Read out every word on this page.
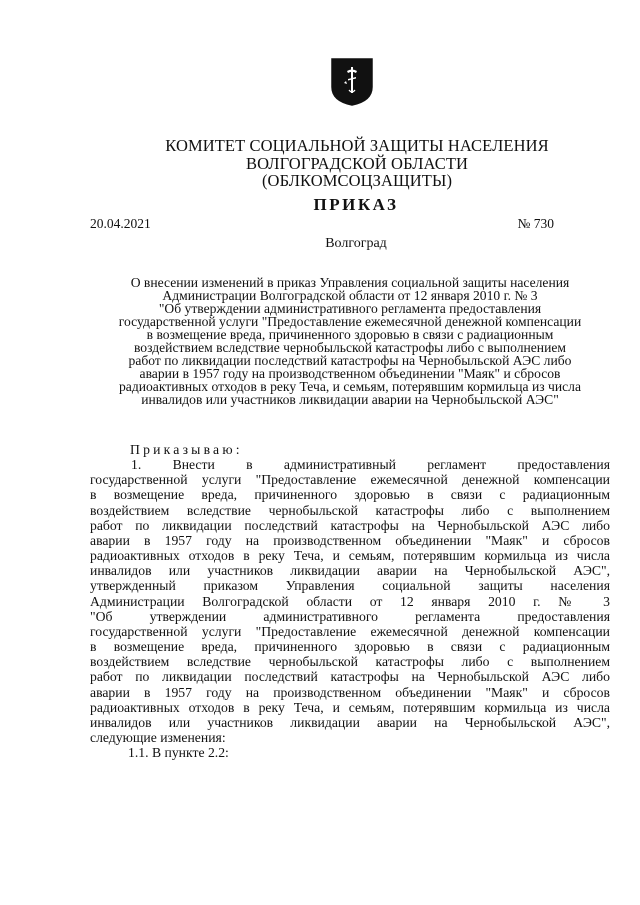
КОМИТЕТ СОЦИАЛЬНОЙ ЗАЩИТЫ НАСЕЛЕНИЯ
ВОЛГОГРАДСКОЙ ОБЛАСТИ
(ОБЛКОМСОЦЗАЩИТЫ)
ПРИКАЗ
20.04.2021	№ 730
Волгоград
О внесении изменений в приказ Управления социальной защиты населения
Администрации Волгоградской области от 12 января 2010 г. № 3
"Об утверждении административного регламента предоставления
государственной услуги "Предоставление ежемесячной денежной компенсации
в возмещение вреда, причиненного здоровью в связи с радиационным
воздействием вследствие чернобыльской катастрофы либо с выполнением
работ по ликвидации последствий катастрофы на Чернобыльской АЭС либо
аварии в 1957 году на производственном объединении "Маяк" и сбросов
радиоактивных отходов в реку Теча, и семьям, потерявшим кормильца из числа
инвалидов или участников ликвидации аварии на Чернобыльской АЭС"
Приказываю:
1. Внести в административный регламент предоставления
государственной услуги "Предоставление ежемесячной денежной компенсации
в возмещение вреда, причиненного здоровью в связи с радиационным
воздействием вследствие чернобыльской катастрофы либо с выполнением
работ по ликвидации последствий катастрофы на Чернобыльской АЭС либо
аварии в 1957 году на производственном объединении "Маяк" и сбросов
радиоактивных отходов в реку Теча, и семьям, потерявшим кормильца из числа
инвалидов или участников ликвидации аварии на Чернобыльской АЭС",
утвержденный приказом Управления социальной защиты населения
Администрации Волгоградской области от 12 января 2010 г. № 3
"Об утверждении административного регламента предоставления
государственной услуги "Предоставление ежемесячной денежной компенсации
в возмещение вреда, причиненного здоровью в связи с радиационным
воздействием вследствие чернобыльской катастрофы либо с выполнением
работ по ликвидации последствий катастрофы на Чернобыльской АЭС либо
аварии в 1957 году на производственном объединении "Маяк" и сбросов
радиоактивных отходов в реку Теча, и семьям, потерявшим кормильца из числа
инвалидов или участников ликвидации аварии на Чернобыльской АЭС",
следующие изменения:
1.1. В пункте 2.2:
